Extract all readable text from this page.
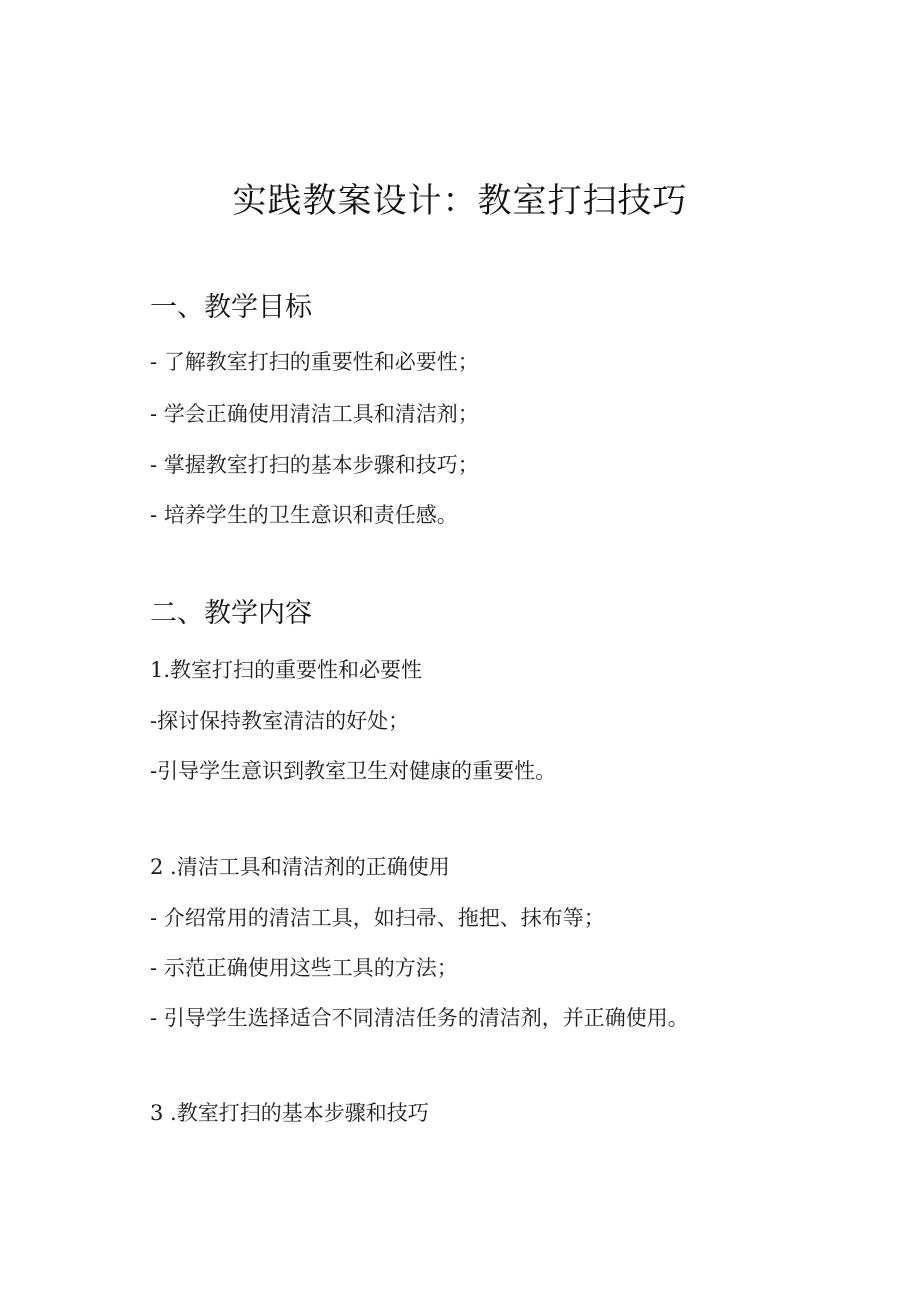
实践教案设计：教室打扫技巧
一、教学目标

- 了解教室打扫的重要性和必要性；

- 学会正确使用清洁工具和清洁剂；

- 掌握教室打扫的基本步骤和技巧；

- 培养学生的卫生意识和责任感。

二、教学内容

1.教室打扫的重要性和必要性

-探讨保持教室清洁的好处；

-引导学生意识到教室卫生对健康的重要性。

2 .清洁工具和清洁剂的正确使用

- 介绍常用的清洁工具，如扫帚、拖把、抹布等；

- 示范正确使用这些工具的方法；

- 引导学生选择适合不同清洁任务的清洁剂，并正确使用。

3 .教室打扫的基本步骤和技巧
